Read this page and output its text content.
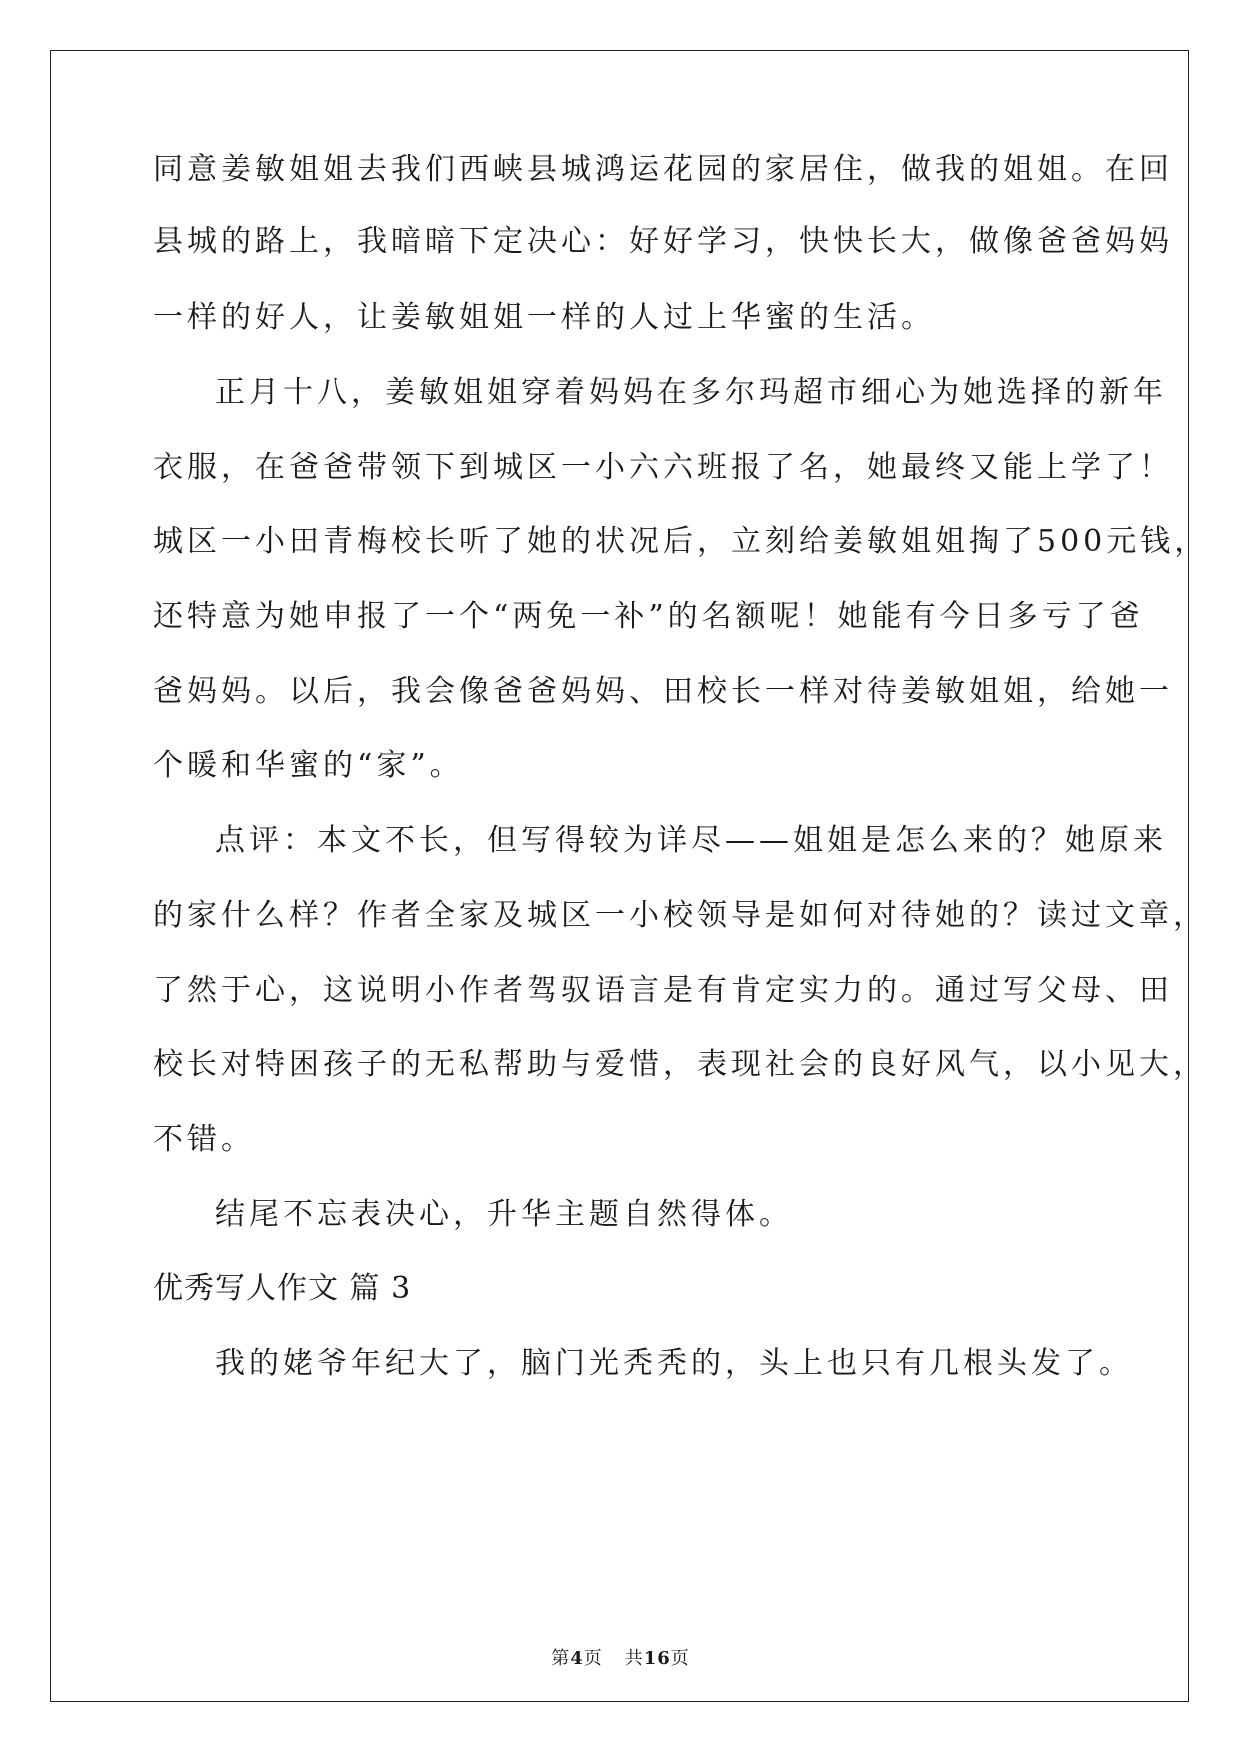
同意姜敏姐姐去我们西峡县城鸿运花园的家居住，做我的姐姐。在回
县城的路上，我暗暗下定决心：好好学习，快快长大，做像爸爸妈妈
一样的好人，让姜敏姐姐一样的人过上华蜜的生活。
正月十八，姜敏姐姐穿着妈妈在多尔玛超市细心为她选择的新年
衣服，在爸爸带领下到城区一小六六班报了名，她最终又能上学了！
城区一小田青梅校长听了她的状况后，立刻给姜敏姐姐掏了500元钱，
还特意为她申报了一个“两免一补”的名额呢！她能有今日多亏了爸
爸妈妈。以后，我会像爸爸妈妈、田校长一样对待姜敏姐姐，给她一
个暖和华蜜的“家”。
点评：本文不长，但写得较为详尽——姐姐是怎么来的？她原来
的家什么样？作者全家及城区一小校领导是如何对待她的？读过文章，
了然于心，这说明小作者驾驭语言是有肯定实力的。通过写父母、田
校长对特困孩子的无私帮助与爱惜，表现社会的良好风气，以小见大，
不错。
结尾不忘表决心，升华主题自然得体。
优秀写人作文 篇 3
我的姥爷年纪大了，脑门光秃秃的，头上也只有几根头发了。
第4页 共16页
